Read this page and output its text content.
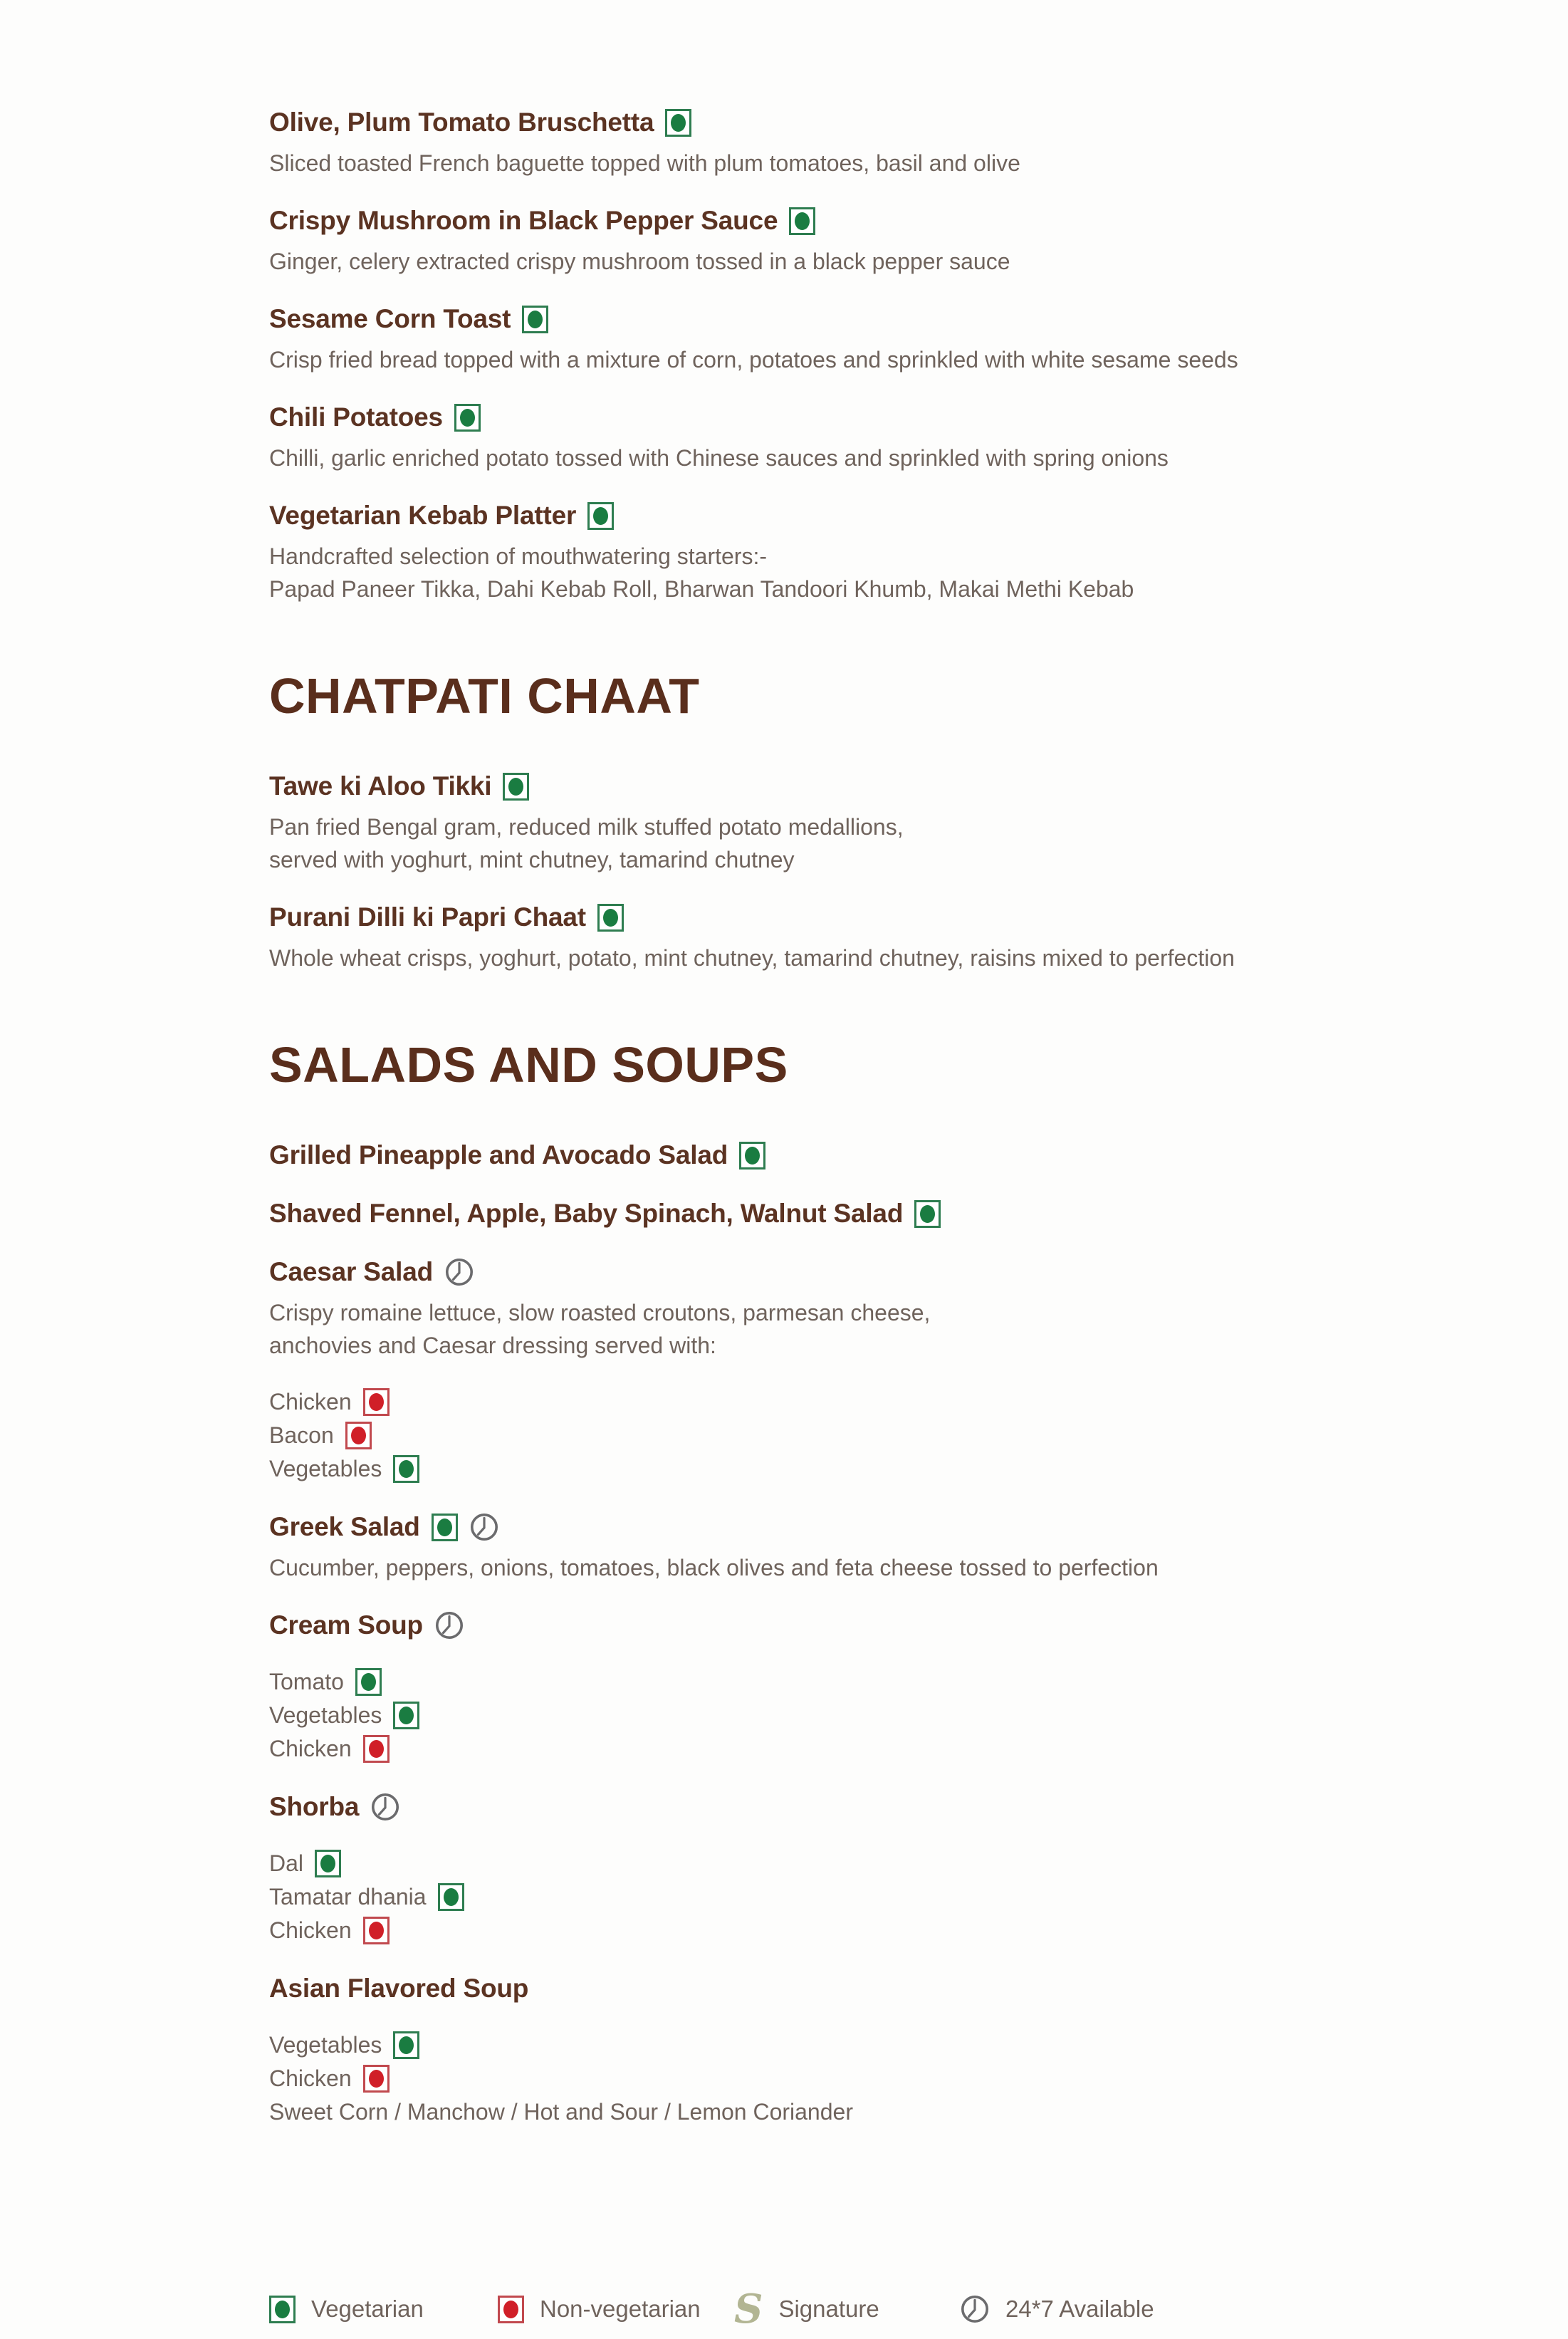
Olive, Plum Tomato Bruschetta
Sliced toasted French baguette topped with plum tomatoes, basil and olive
Crispy Mushroom in Black Pepper Sauce
Ginger, celery extracted crispy mushroom tossed in a black pepper sauce
Sesame Corn Toast
Crisp fried bread topped with a mixture of corn, potatoes and sprinkled with white sesame seeds
Chili Potatoes
Chilli, garlic enriched potato tossed with Chinese sauces and sprinkled with spring onions
Vegetarian Kebab Platter
Handcrafted selection of mouthwatering starters:-
Papad Paneer Tikka, Dahi Kebab Roll, Bharwan Tandoori Khumb, Makai Methi Kebab
CHATPATI CHAAT
Tawe ki Aloo Tikki
Pan fried Bengal gram, reduced milk stuffed potato medallions,
served with yoghurt, mint chutney, tamarind chutney
Purani Dilli ki Papri Chaat
Whole wheat crisps, yoghurt, potato, mint chutney, tamarind chutney, raisins mixed to perfection
SALADS AND SOUPS
Grilled Pineapple and Avocado Salad
Shaved Fennel, Apple, Baby Spinach, Walnut Salad
Caesar Salad
Crispy romaine lettuce, slow roasted croutons, parmesan cheese,
anchovies and Caesar dressing served with:
Chicken
Bacon
Vegetables
Greek Salad
Cucumber, peppers, onions, tomatoes, black olives and feta cheese tossed to perfection
Cream Soup
Tomato
Vegetables
Chicken
Shorba
Dal
Tamatar dhania
Chicken
Asian Flavored Soup
Vegetables
Chicken
Sweet Corn / Manchow / Hot and Sour / Lemon Coriander
Vegetarian	Non-vegetarian S Signature	24*7 Available
